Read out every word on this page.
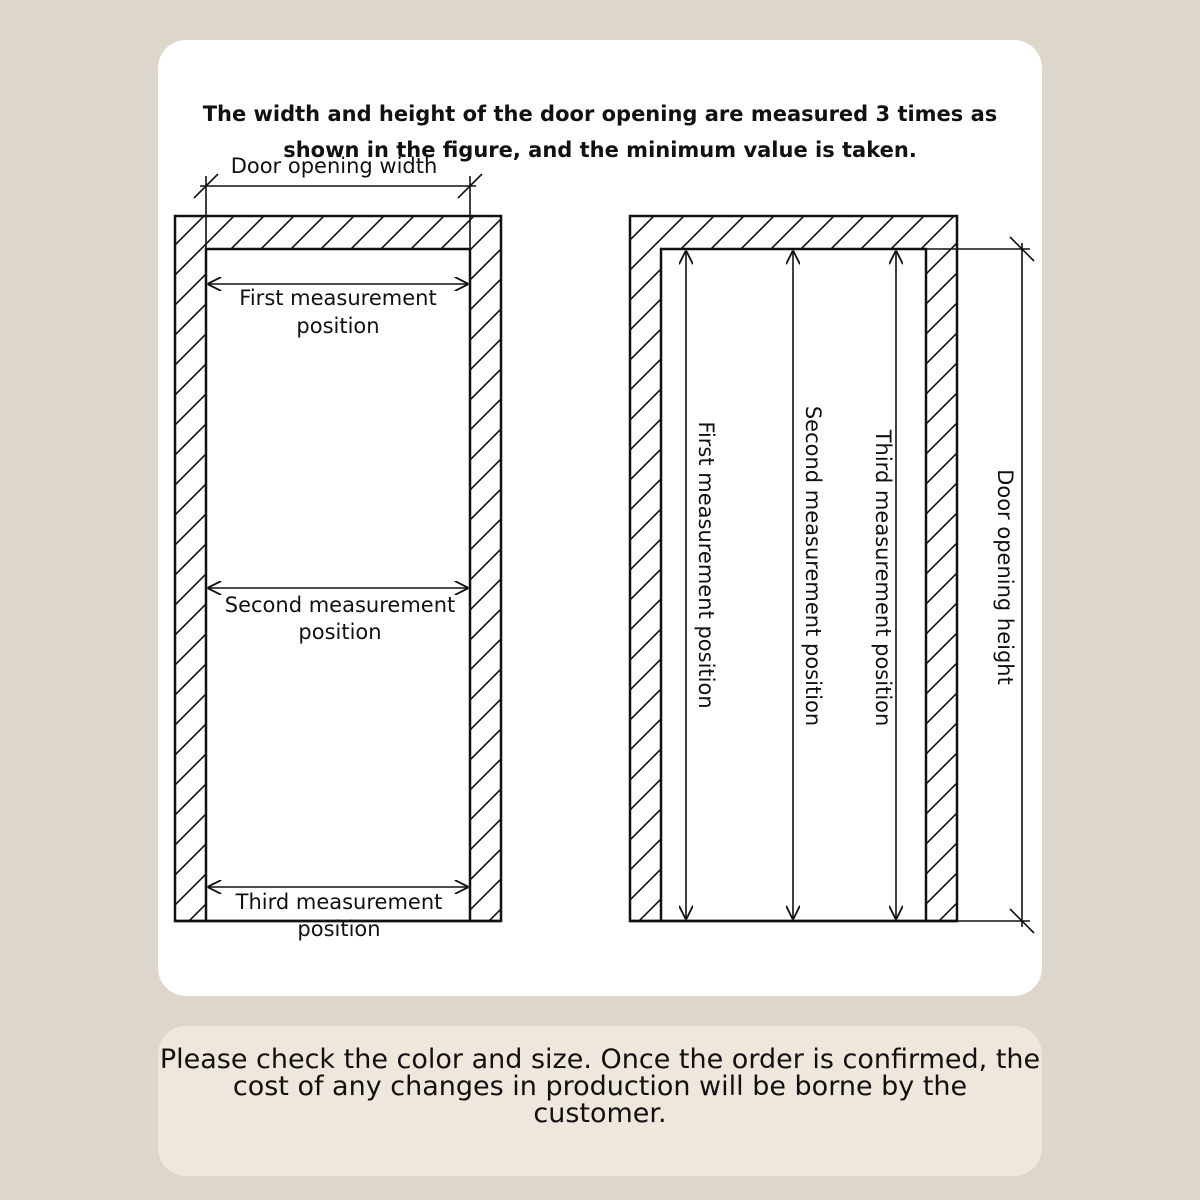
The width and height of the door opening are measured 3 times as
shown in the figure, and the minimum value is taken.

Door opening width
First measurement
position
Second measurement
position
Third measurement
position
Door opening height
First measurement position	Second measurement position Third measurement position

Please check the color and size. Once the order is confirmed, the
cost of any changes in production will be borne by the
customer.
